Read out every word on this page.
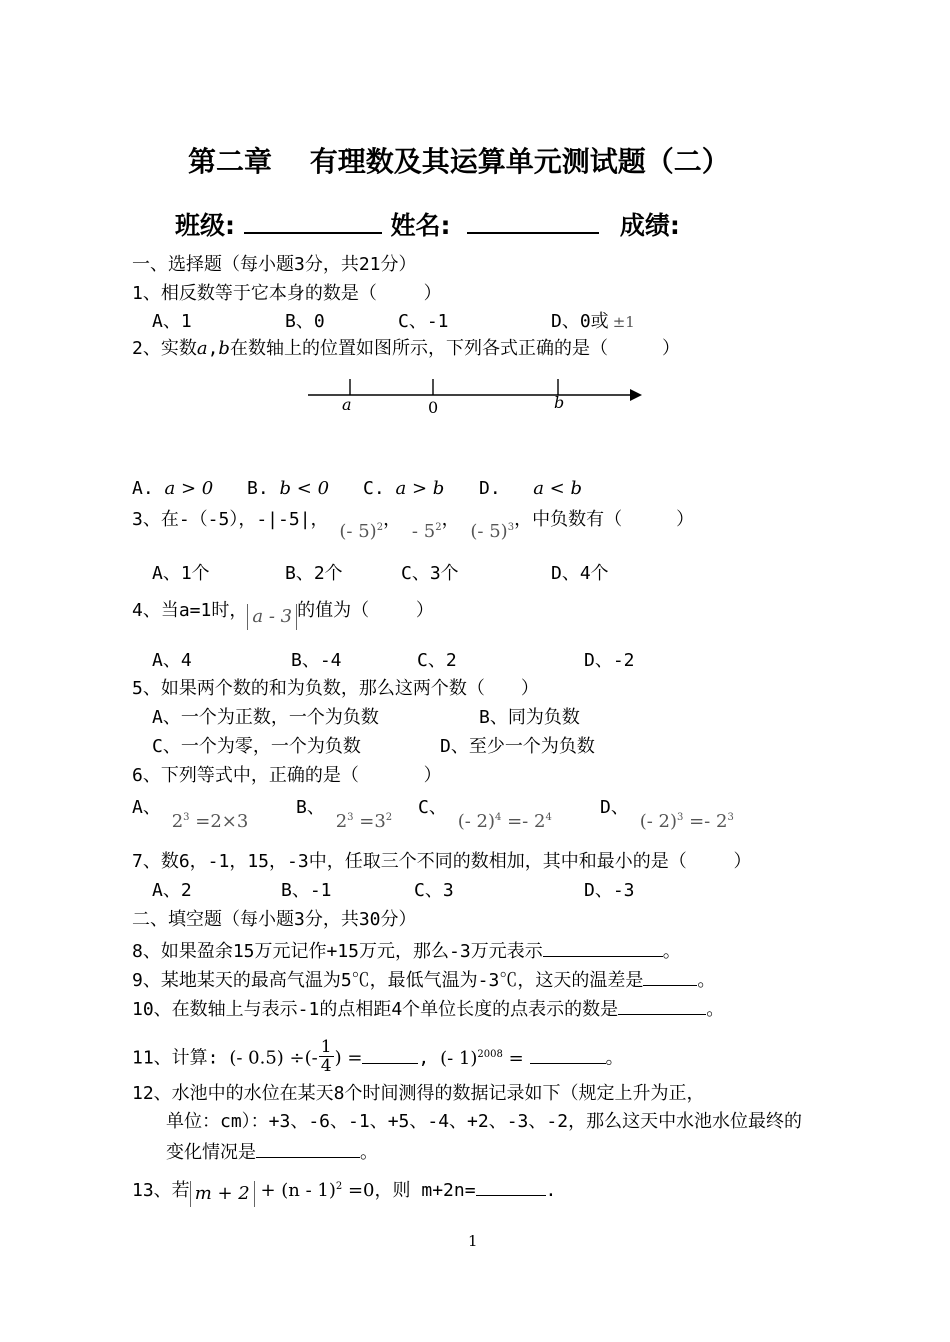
第二章　 有理数及其运算单元测试题（二）
班级:	姓名:	成绩:
一、选择题（每小题3分，共21分）
1、相反数等于它本身的数是（　　 ）
A、1	B、0	C、-1	D、0或 ±1
2、实数a,b在数轴上的位置如图所示，下列各式正确的是（　　　）
a	0	b
A. a > 0 B. b < 0 C. a > b D. a < b
3、在-（-5），-|-5|， (- 5)$^2$， - $5^2$， (- 5)$^3$，中负数有（　　　）
A、1个	B、2个	C、3个	D、4个
4、当a=1时， a - 3 的值为（　　 ）
A、4	B、-4	C、2	D、-2
5、如果两个数的和为负数，那么这两个数（　　）
A、一个为正数，一个为负数	B、同为负数
C、一个为零，一个为负数	D、至少一个为负数
6、下列等式中，正确的是（　　　 ）
A、 $2^3 =2\times 3$
B、 $2^3 =3^2$ C、 (- $2)^4 =- 2^4$	D、 (- $2)^3 =- 2^3$
7、数6，-1，15，-3中，任取三个不同的数相加，其中和最小的是（　　 ）
A、2	B、-1	C、3	D、-3
二、填空题（每小题3分，共30分）
8、如果盈余15万元记作+15万元，那么-3万元表示	。
9、某地某天的最高气温为5℃，最低气温为-3℃，这天的温差是	。
10、在数轴上与表示-1的点相距4个单位长度的点表示的数是	。
11、计算: (- 0.5) ÷(- $\frac{1}{4}$ ) =	, (- 1)$^{2008}$ =	。
12、水池中的水位在某天8个时间测得的数据记录如下（规定上升为正，
单位：cm）：+3、-6、-1、+5、-4、+2、-3、-2，那么这天中水池水位最终的
变化情况是	。
13、若 m + 2 + (n - 1)$^2$ =0，则 m+2n=	.
1
